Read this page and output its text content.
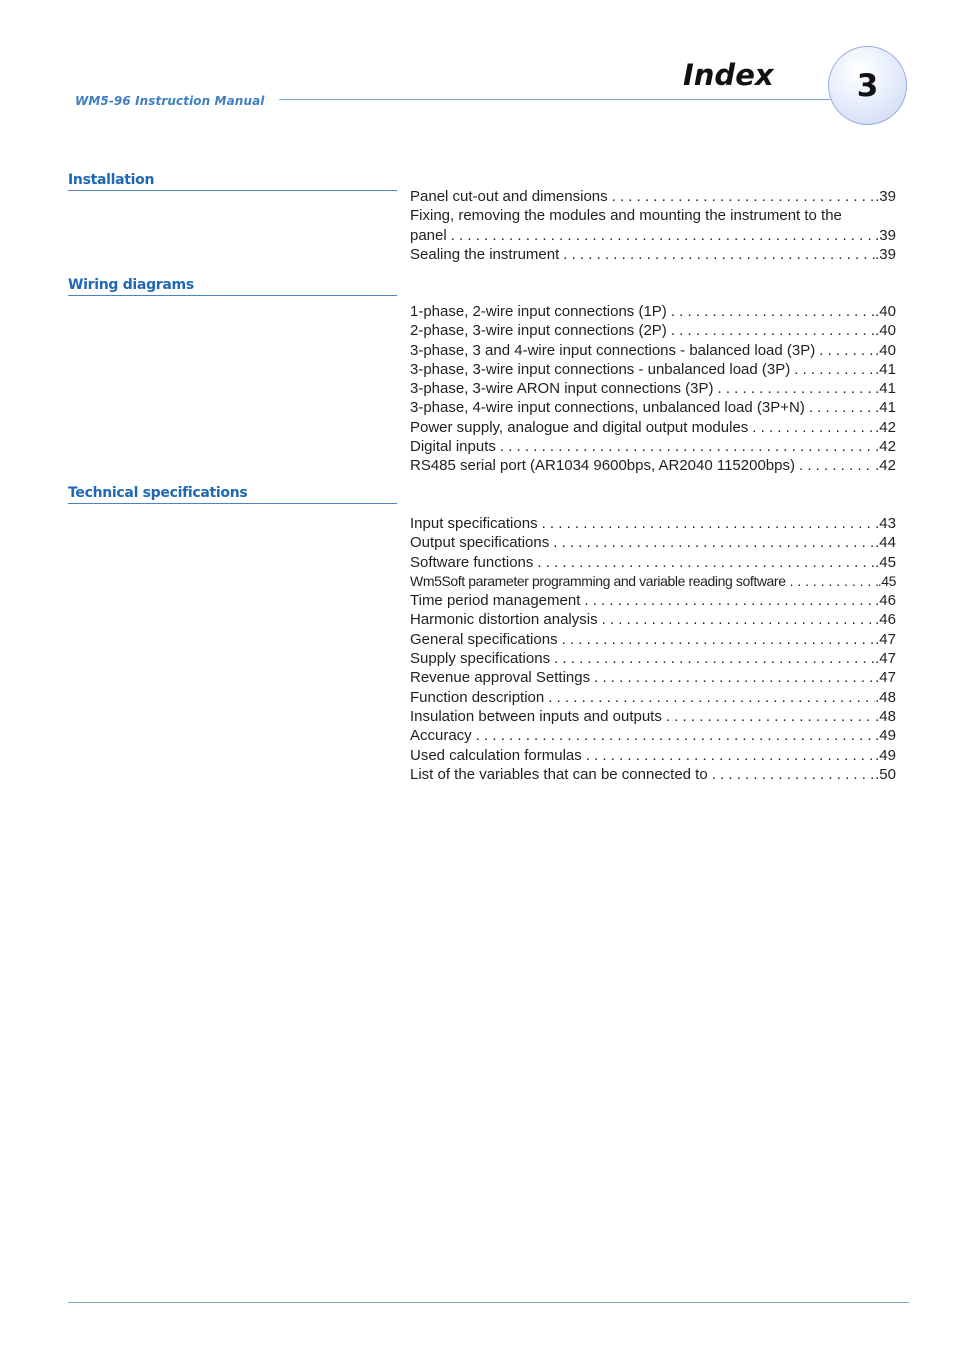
WM5-96 Instruction Manual
Index	3
Installation
Panel cut-out and dimensions . . .	.39
Fixing, removing the modules and mounting the instrument to the
panel . . .	.39
Sealing the instrument . . .	.39
Wiring diagrams
1-phase, 2-wire input connections (1P) . . .	.40
2-phase, 3-wire input connections (2P) . . .	.40
3-phase, 3 and 4-wire input connections - balanced load (3P) . . .	.40
3-phase, 3-wire input connections - unbalanced load (3P) . . .	.41
3-phase, 3-wire ARON input connections (3P) . . .	.41
3-phase, 4-wire input connections, unbalanced load (3P+N) . . .	.41
Power supply, analogue and digital output modules . . .	.42
Digital inputs . . .	.42
RS485 serial port (AR1034 9600bps, AR2040 115200bps) . . .	.42
Technical specifications
Input specifications . . .	.43
Output specifications . . .	.44
Software functions . . .	.45
Wm5Soft parameter programming and variable reading software . . .	.45
Time period management . . .	.46
Harmonic distortion analysis . . .	.46
General specifications . . .	.47
Supply specifications . . .	.47
Revenue approval Settings . . .	.47
Function description . . .	.48
Insulation between inputs and outputs . . .	.48
Accuracy . . .	.49
Used calculation formulas . . .	.49
List of the variables that can be connected to . . .	.50
